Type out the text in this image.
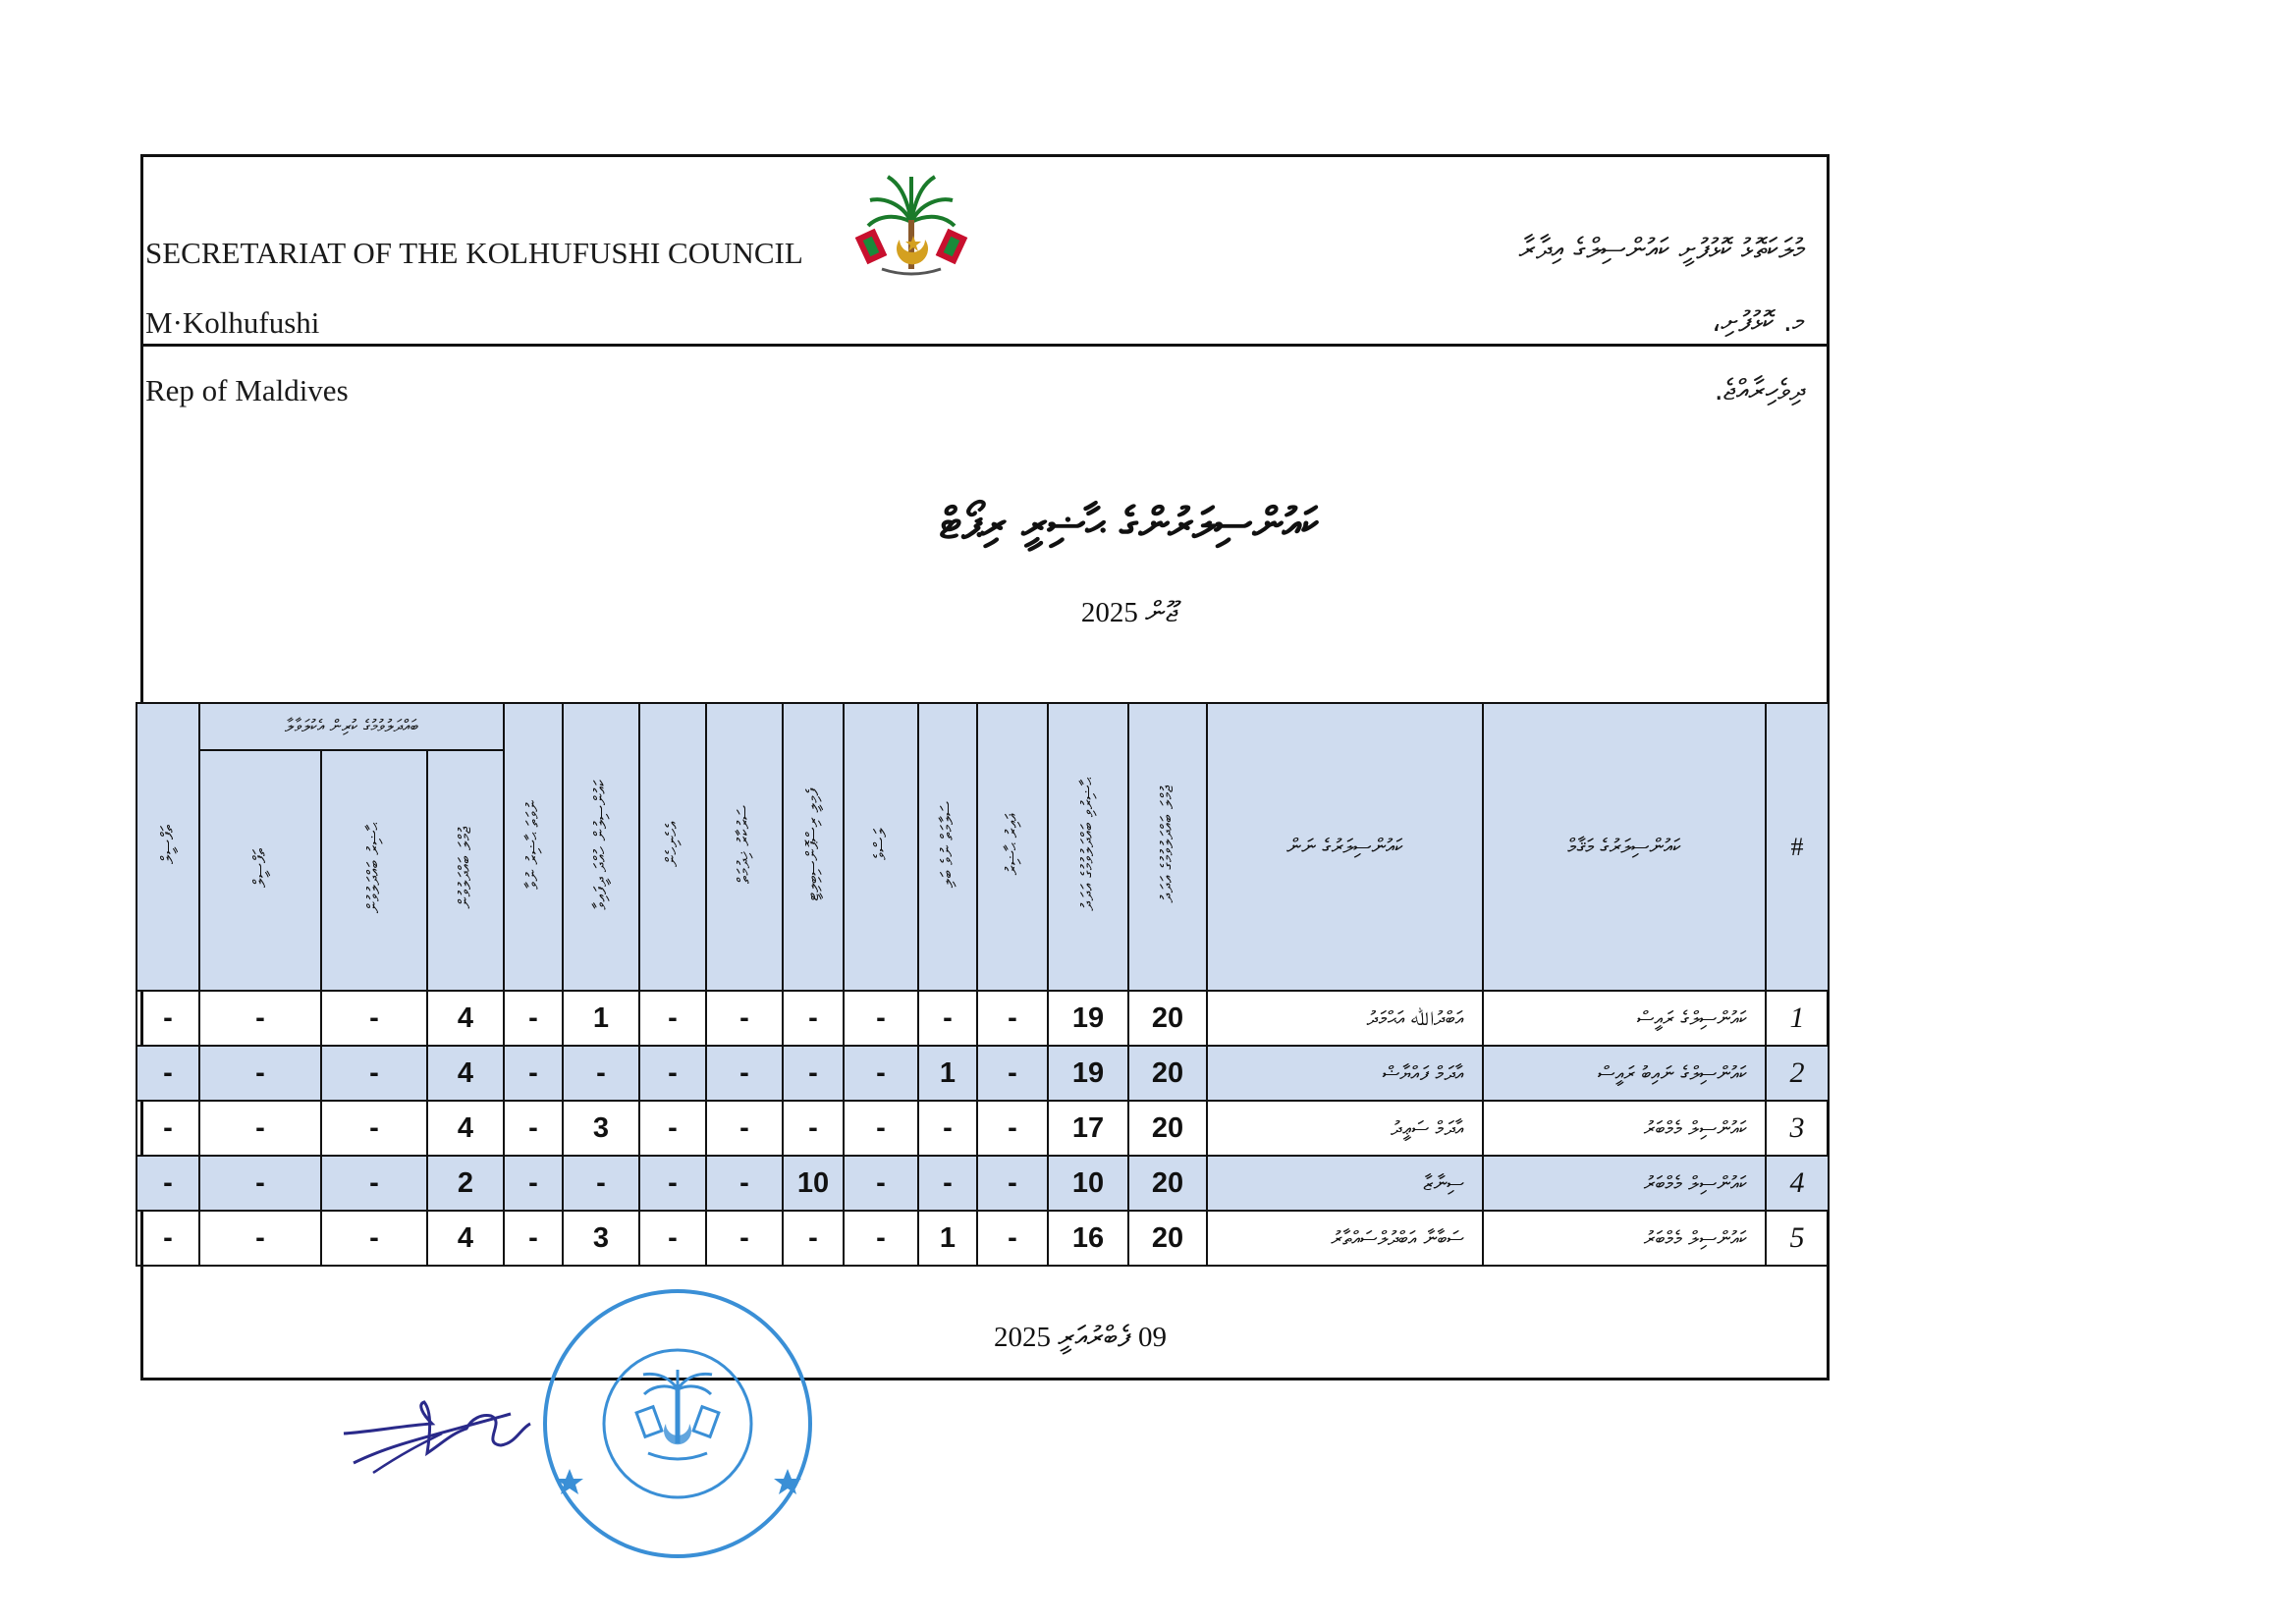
SECRETARIAT OF THE KOLHUFUSHI COUNCIL
M·Kolhufushi
Rep of Maldives
މުލަކަތޮޅު ކޮޅުފުށީ ކައުންސިލްގެ އިދާރާ
މ. ކޮޅުފުށި،
ދިވެހިރާއްޖެ.
ކައުންސިލަރުންގެ ޙާޟިރީ ރިޕޯޓް
ޖޫން 2025
ތަފްސީލް	ބައްދަލުވުމުގެ ކުރިން އެކުލަވާލާ			ނުވަތަ ޙާޟިރު ނުވާ	ކައުންސިލުން ހުއްދަ ދީފައިވާ	އެހެނިހެން	ސަރުކާރު ޚިދުމަތް	ފެމިލީ ރިސްޕޮންސިބިލިޓީ	ލަސްވެ	ސަލާމަތް ނުވެ ބަލި	ޣައިރު ޙާޟިރު	ޙާޟިރުވި ބައްދަލުވުމުގެ އަދަދު	ޖުމްލަ ބައްދަލުވުމުގެ އަދަދު	ކައުންސިލަރުގެ ނަން	ކައުންސިލަރުގެ މަޤާމް	#
	ތަފްސީލް	ޙާޟިރު ބައްދަލުވުން	ޖުމްލަ ބައްދަލުވުން													
-	-	-	4	-	1	-	-	-	-	-	-	19	20	އަބްދުﷲ އަޙްމަދު	ކައުންސިލްގެ ރައީސް	1
-	-	-	4	-	-	-	-	-	-	1	-	19	20	އާދަމް ފައްޔާޟް	ކައުންސިލްގެ ނައިބު ރައީސް	2
-	-	-	4	-	3	-	-	-	-	-	-	17	20	އާދަމް ސަޢީދު	ކައުންސިލް މެމްބަރު	3
-	-	-	2	-	-	-	-	10	-	-	-	10	20	ސިނާޒާ	ކައުންސިލް މެމްބަރު	4
-	-	-	4	-	3	-	-	-	-	1	-	16	20	ސަބާނާ އަބްދުލްސައްތާރު	ކައުންސިލް މެމްބަރު	5
09 ފެބްރުއަރީ 2025
